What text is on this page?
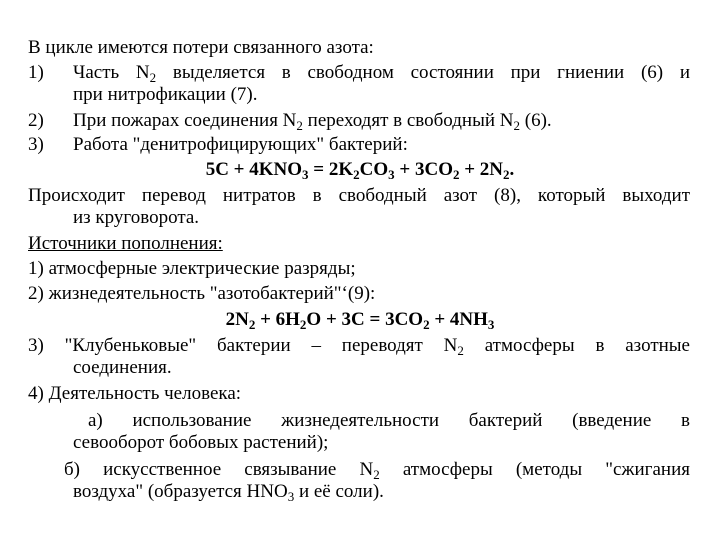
В цикле имеются потери связанного азота:
1) Часть $N_2$ выделяется в свободном состоянии при гниении (6) и
при нитрофикации (7).
2) При пожарах соединения $N_2$ переходят в свободный $N_2$ (6).
3) Работа "денитрофицирующих" бактерий:
$5C + 4KNO_3 = 2K_2CO_3 + 3CO_2 + 2N_2$.
Происходит перевод нитратов в свободный азот (8), который выходит
из круговорота.
Источники пополнения:
1) атмосферные электрические разряды;
2) жизнедеятельность "азотобактерий"‘(9):
$2N_2 + 6H_2O + 3C = 3CO_2 + 4NH_3$
3) "Клубеньковые" бактерии – переводят $N_2$ атмосферы в азотные
соединения.
4) Деятельность человека:
а) использование жизнедеятельности бактерий (введение в
севооборот бобовых растений);
б) искусственное связывание $N_2$ атмосферы (методы "сжигания
воздуха" (образуется $HNO_3$ и её соли).
